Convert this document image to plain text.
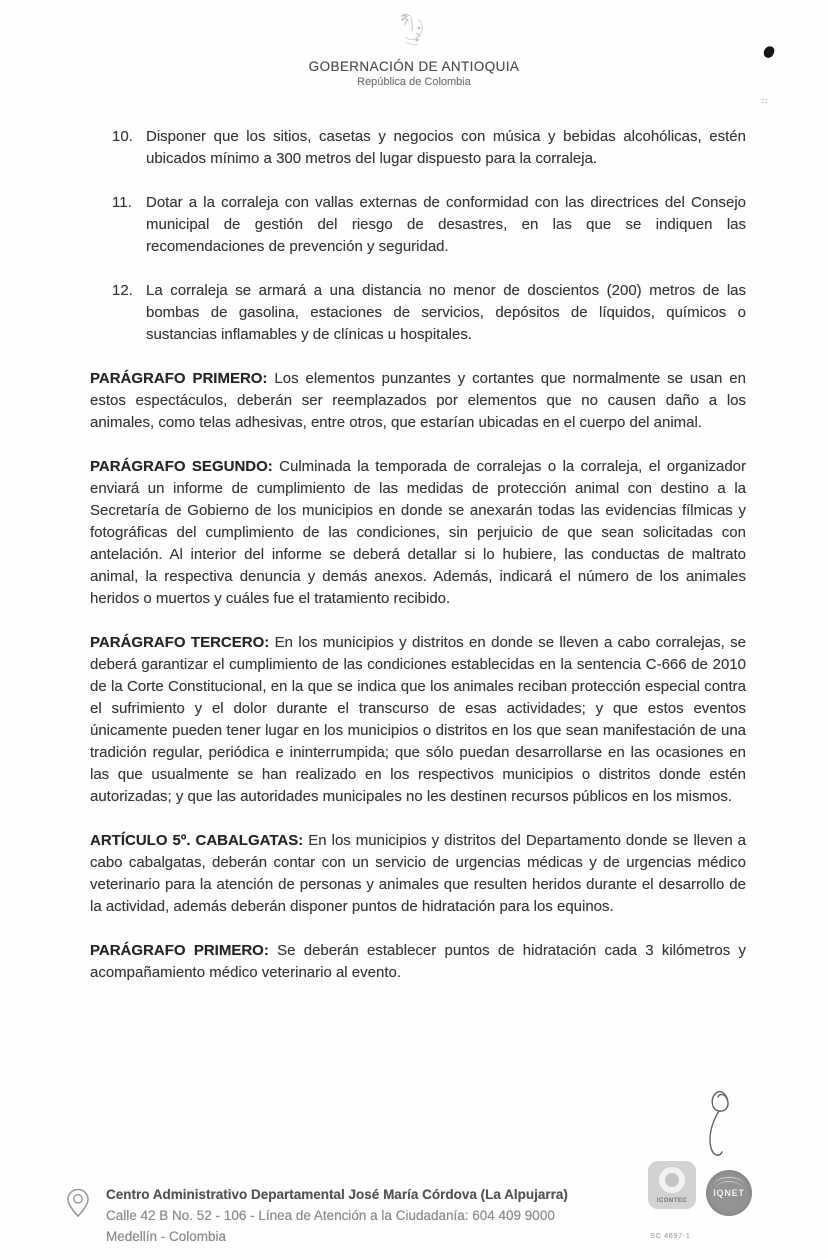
GOBERNACIÓN DE ANTIOQUIA
República de Colombia
∷
10. Disponer que los sitios, casetas y negocios con música y bebidas alcohólicas, estén ubicados mínimo a 300 metros del lugar dispuesto para la corraleja.
11. Dotar a la corraleja con vallas externas de conformidad con las directrices del Consejo municipal de gestión del riesgo de desastres, en las que se indiquen las recomendaciones de prevención y seguridad.
12. La corraleja se armará a una distancia no menor de doscientos (200) metros de las bombas de gasolina, estaciones de servicios, depósitos de líquidos, químicos o sustancias inflamables y de clínicas u hospitales.

PARÁGRAFO PRIMERO: Los elementos punzantes y cortantes que normalmente se usan en estos espectáculos, deberán ser reemplazados por elementos que no causen daño a los animales, como telas adhesivas, entre otros, que estarían ubicadas en el cuerpo del animal.

PARÁGRAFO SEGUNDO: Culminada la temporada de corralejas o la corraleja, el organizador enviará un informe de cumplimiento de las medidas de protección animal con destino a la Secretaría de Gobierno de los municipios en donde se anexarán todas las evidencias fílmicas y fotográficas del cumplimiento de las condiciones, sin perjuicio de que sean solicitadas con antelación. Al interior del informe se deberá detallar si lo hubiere, las conductas de maltrato animal, la respectiva denuncia y demás anexos. Además, indicará el número de los animales heridos o muertos y cuáles fue el tratamiento recibido.

PARÁGRAFO TERCERO: En los municipios y distritos en donde se lleven a cabo corralejas, se deberá garantizar el cumplimiento de las condiciones establecidas en la sentencia C-666 de 2010 de la Corte Constitucional, en la que se indica que los animales reciban protección especial contra el sufrimiento y el dolor durante el transcurso de esas actividades; y que estos eventos únicamente pueden tener lugar en los municipios o distritos en los que sean manifestación de una tradición regular, periódica e ininterrumpida; que sólo puedan desarrollarse en las ocasiones en las que usualmente se han realizado en los respectivos municipios o distritos donde estén autorizadas; y que las autoridades municipales no les destinen recursos públicos en los mismos.

ARTÍCULO 5º. CABALGATAS: En los municipios y distritos del Departamento donde se lleven a cabo cabalgatas, deberán contar con un servicio de urgencias médicas y de urgencias médico veterinario para la atención de personas y animales que resulten heridos durante el desarrollo de la actividad, además deberán disponer puntos de hidratación para los equinos.

PARÁGRAFO PRIMERO: Se deberán establecer puntos de hidratación cada 3 kilómetros y acompañamiento médico veterinario al evento.

Centro Administrativo Departamental José María Córdova (La Alpujarra)
Calle 42 B No. 52 - 106 - Línea de Atención a la Ciudadanía: 604 409 9000
Medellín - Colombia
ICONTEC
IQNET
SC 4697-1
